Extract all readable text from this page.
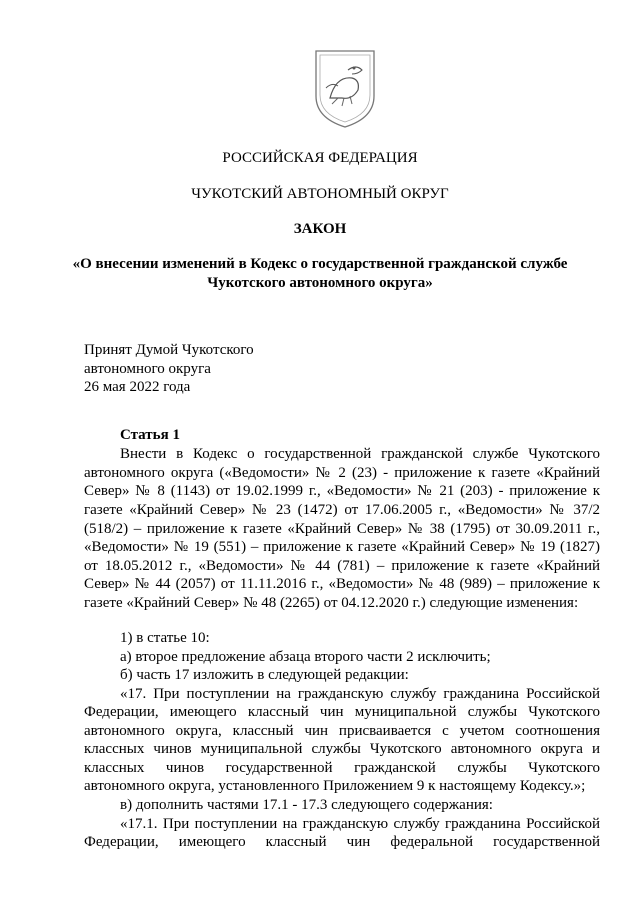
РОССИЙСКАЯ ФЕДЕРАЦИЯ
ЧУКОТСКИЙ АВТОНОМНЫЙ ОКРУГ
ЗАКОН
«О внесении изменений в Кодекс о государственной гражданской службе
Чукотского автономного округа»
Принят Думой Чукотского
автономного округа
26 мая 2022 года
Статья 1
Внести в Кодекс о государственной гражданской службе Чукотского
автономного округа («Ведомости» № 2 (23) - приложение к газете «Крайний
Север» № 8 (1143) от 19.02.1999 г., «Ведомости» № 21 (203) - приложение к
газете «Крайний Север» № 23 (1472) от 17.06.2005 г., «Ведомости» № 37/2
(518/2) – приложение к газете «Крайний Север» № 38 (1795) от 30.09.2011 г.,
«Ведомости» № 19 (551) – приложение к газете «Крайний Север» № 19 (1827)
от 18.05.2012 г., «Ведомости» № 44 (781) – приложение к газете «Крайний
Север» № 44 (2057) от 11.11.2016 г., «Ведомости» № 48 (989) – приложение к
газете «Крайний Север» № 48 (2265) от 04.12.2020 г.) следующие изменения:
1) в статье 10:
а) второе предложение абзаца второго части 2 исключить;
б) часть 17 изложить в следующей редакции:
«17. При поступлении на гражданскую службу гражданина Российской
Федерации, имеющего классный чин муниципальной службы Чукотского
автономного округа, классный чин присваивается с учетом соотношения
классных чинов муниципальной службы Чукотского автономного округа и
классных чинов государственной гражданской службы Чукотского
автономного округа, установленного Приложением 9 к настоящему Кодексу.»;
в) дополнить частями 17.1 - 17.3 следующего содержания:
«17.1. При поступлении на гражданскую службу гражданина Российской
Федерации, имеющего классный чин федеральной государственной
